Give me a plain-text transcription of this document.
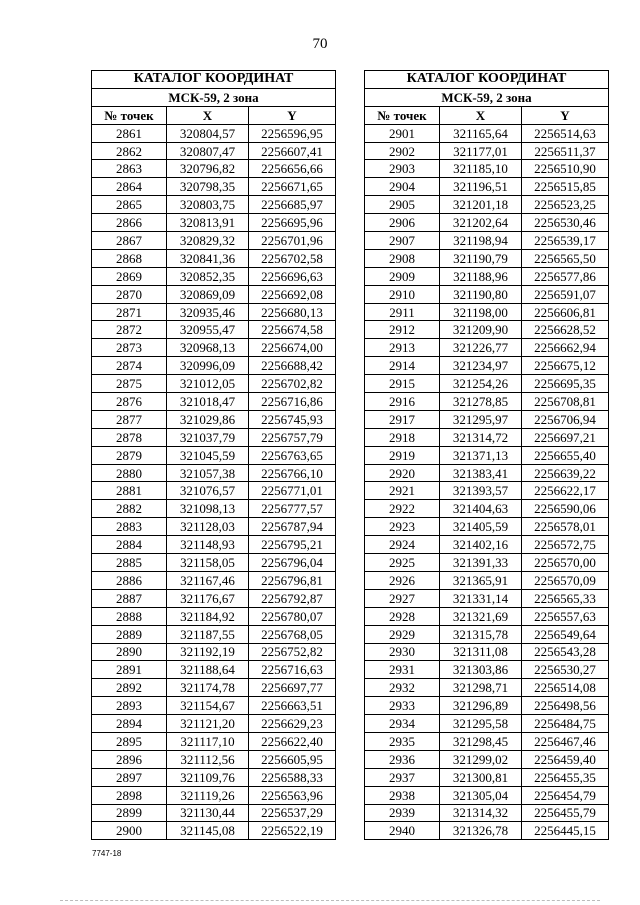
70
КАТАЛОГ КООРДИНАТ		
МСК-59, 2 зона		
№ точек	X	Y
2861	320804,57	2256596,95
2862	320807,47	2256607,41
2863	320796,82	2256656,66
2864	320798,35	2256671,65
2865	320803,75	2256685,97
2866	320813,91	2256695,96
2867	320829,32	2256701,96
2868	320841,36	2256702,58
2869	320852,35	2256696,63
2870	320869,09	2256692,08
2871	320935,46	2256680,13
2872	320955,47	2256674,58
2873	320968,13	2256674,00
2874	320996,09	2256688,42
2875	321012,05	2256702,82
2876	321018,47	2256716,86
2877	321029,86	2256745,93
2878	321037,79	2256757,79
2879	321045,59	2256763,65
2880	321057,38	2256766,10
2881	321076,57	2256771,01
2882	321098,13	2256777,57
2883	321128,03	2256787,94
2884	321148,93	2256795,21
2885	321158,05	2256796,04
2886	321167,46	2256796,81
2887	321176,67	2256792,87
2888	321184,92	2256780,07
2889	321187,55	2256768,05
2890	321192,19	2256752,82
2891	321188,64	2256716,63
2892	321174,78	2256697,77
2893	321154,67	2256663,51
2894	321121,20	2256629,23
2895	321117,10	2256622,40
2896	321112,56	2256605,95
2897	321109,76	2256588,33
2898	321119,26	2256563,96
2899	321130,44	2256537,29
2900	321145,08	2256522,19
КАТАЛОГ КООРДИНАТ		
МСК-59, 2 зона		
№ точек	X	Y
2901	321165,64	2256514,63
2902	321177,01	2256511,37
2903	321185,10	2256510,90
2904	321196,51	2256515,85
2905	321201,18	2256523,25
2906	321202,64	2256530,46
2907	321198,94	2256539,17
2908	321190,79	2256565,50
2909	321188,96	2256577,86
2910	321190,80	2256591,07
2911	321198,00	2256606,81
2912	321209,90	2256628,52
2913	321226,77	2256662,94
2914	321234,97	2256675,12
2915	321254,26	2256695,35
2916	321278,85	2256708,81
2917	321295,97	2256706,94
2918	321314,72	2256697,21
2919	321371,13	2256655,40
2920	321383,41	2256639,22
2921	321393,57	2256622,17
2922	321404,63	2256590,06
2923	321405,59	2256578,01
2924	321402,16	2256572,75
2925	321391,33	2256570,00
2926	321365,91	2256570,09
2927	321331,14	2256565,33
2928	321321,69	2256557,63
2929	321315,78	2256549,64
2930	321311,08	2256543,28
2931	321303,86	2256530,27
2932	321298,71	2256514,08
2933	321296,89	2256498,56
2934	321295,58	2256484,75
2935	321298,45	2256467,46
2936	321299,02	2256459,40
2937	321300,81	2256455,35
2938	321305,04	2256454,79
2939	321314,32	2256455,79
2940	321326,78	2256445,15
7747-18
